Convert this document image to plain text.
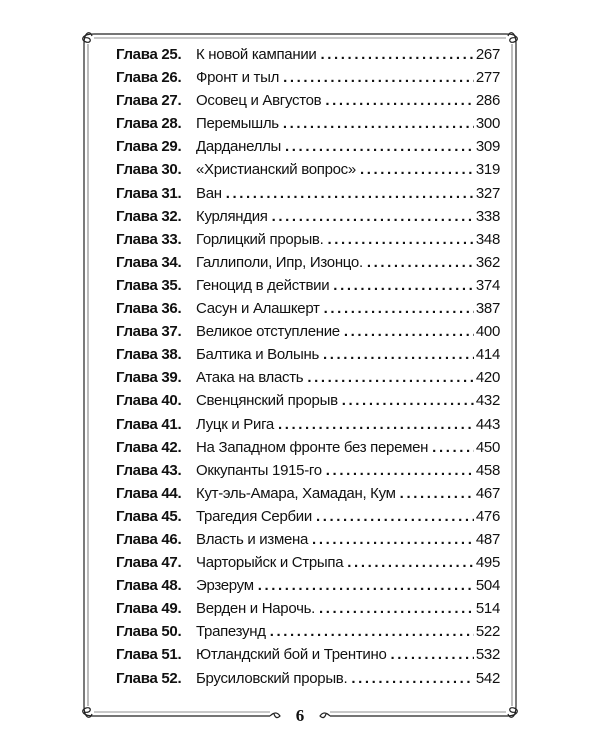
Глава 25. К новой кампании .....	267
Глава 26. Фронт и тыл .....	277
Глава 27. Осовец и Августов .....	286
Глава 28. Перемышль .....	300
Глава 29. Дарданеллы .....	309
Глава 30. «Христианский вопрос» .....	319
Глава 31. Ван .....	327
Глава 32. Курляндия .....	338
Глава 33. Горлицкий прорыв. .....	348
Глава 34. Галлиполи, Ипр, Изонцо. .....	362
Глава 35. Геноцид в действии .....	374
Глава 36. Сасун и Алашкерт .....	387
Глава 37. Великое отступление .....	400
Глава 38. Балтика и Волынь .....	414
Глава 39. Атака на власть .....	420
Глава 40. Свенцянский прорыв .....	432
Глава 41. Луцк и Рига .....	443
Глава 42. На Западном фронте без перемен .....	450
Глава 43. Оккупанты 1915-го .....	458
Глава 44. Кут-эль-Амара, Хамадан, Кум .....	467
Глава 45. Трагедия Сербии .....	476
Глава 46. Власть и измена .....	487
Глава 47. Чарторыйск и Стрыпа .....	495
Глава 48. Эрзерум .....	504
Глава 49. Верден и Нарочь. .....	514
Глава 50. Трапезунд .....	522
Глава 51. Ютландский бой и Трентино .....	532
Глава 52. Брусиловский прорыв. .....	542
6
